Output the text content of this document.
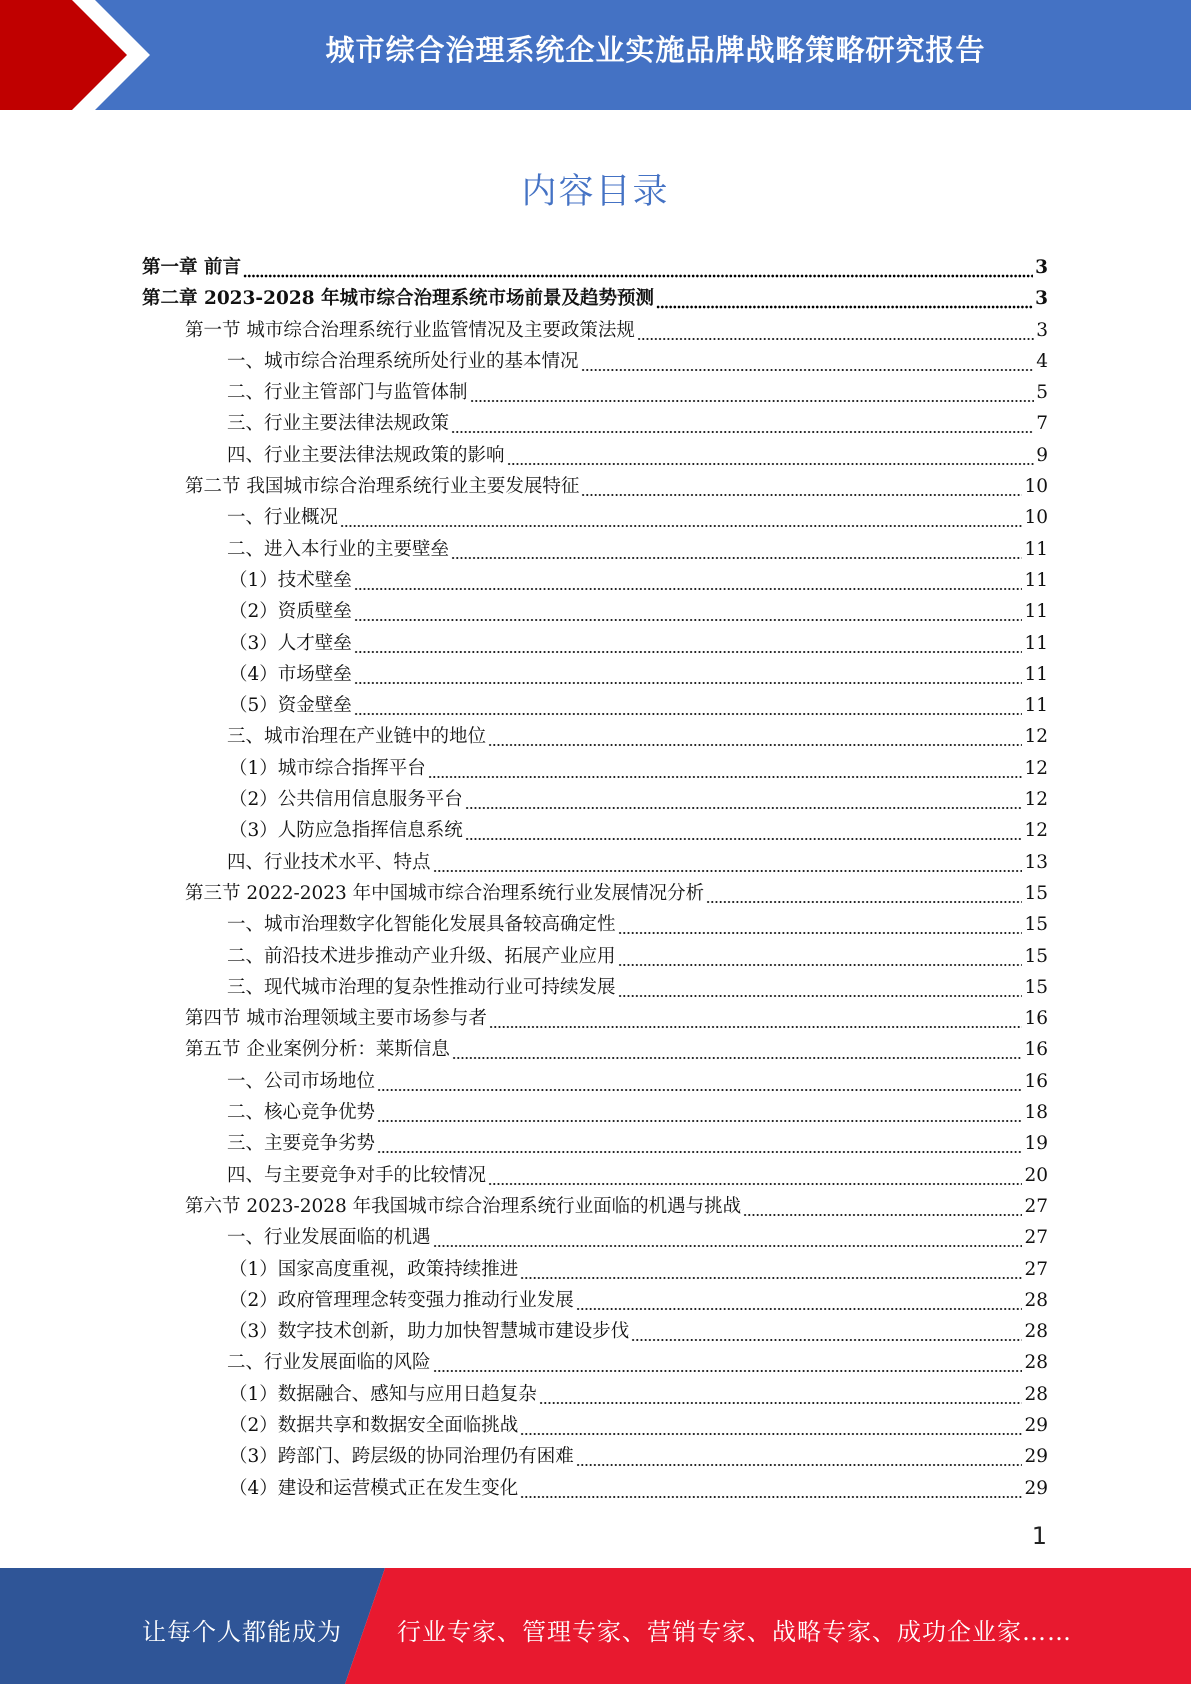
城市综合治理系统企业实施品牌战略策略研究报告
内容目录
第一章 前言	3
第二章 2023-2028 年城市综合治理系统市场前景及趋势预测	3
第一节 城市综合治理系统行业监管情况及主要政策法规	3
一、城市综合治理系统所处行业的基本情况	4
二、行业主管部门与监管体制	5
三、行业主要法律法规政策	7
四、行业主要法律法规政策的影响	9
第二节 我国城市综合治理系统行业主要发展特征	10
一、行业概况	10
二、进入本行业的主要壁垒	11
（1）技术壁垒	11
（2）资质壁垒	11
（3）人才壁垒	11
（4）市场壁垒	11
（5）资金壁垒	11
三、城市治理在产业链中的地位	12
（1）城市综合指挥平台	12
（2）公共信用信息服务平台	12
（3）人防应急指挥信息系统	12
四、行业技术水平、特点	13
第三节 2022-2023 年中国城市综合治理系统行业发展情况分析	15
一、城市治理数字化智能化发展具备较高确定性	15
二、前沿技术进步推动产业升级、拓展产业应用	15
三、现代城市治理的复杂性推动行业可持续发展	15
第四节 城市治理领域主要市场参与者	16
第五节 企业案例分析：莱斯信息	16
一、公司市场地位	16
二、核心竞争优势	18
三、主要竞争劣势	19
四、与主要竞争对手的比较情况	20
第六节 2023-2028 年我国城市综合治理系统行业面临的机遇与挑战	27
一、行业发展面临的机遇	27
（1）国家高度重视，政策持续推进	27
（2）政府管理理念转变强力推动行业发展	28
（3）数字技术创新，助力加快智慧城市建设步伐	28
二、行业发展面临的风险	28
（1）数据融合、感知与应用日趋复杂	28
（2）数据共享和数据安全面临挑战	29
（3）跨部门、跨层级的协同治理仍有困难	29
（4）建设和运营模式正在发生变化	29
1
让每个人都能成为 行业专家、管理专家、营销专家、战略专家、成功企业家……
